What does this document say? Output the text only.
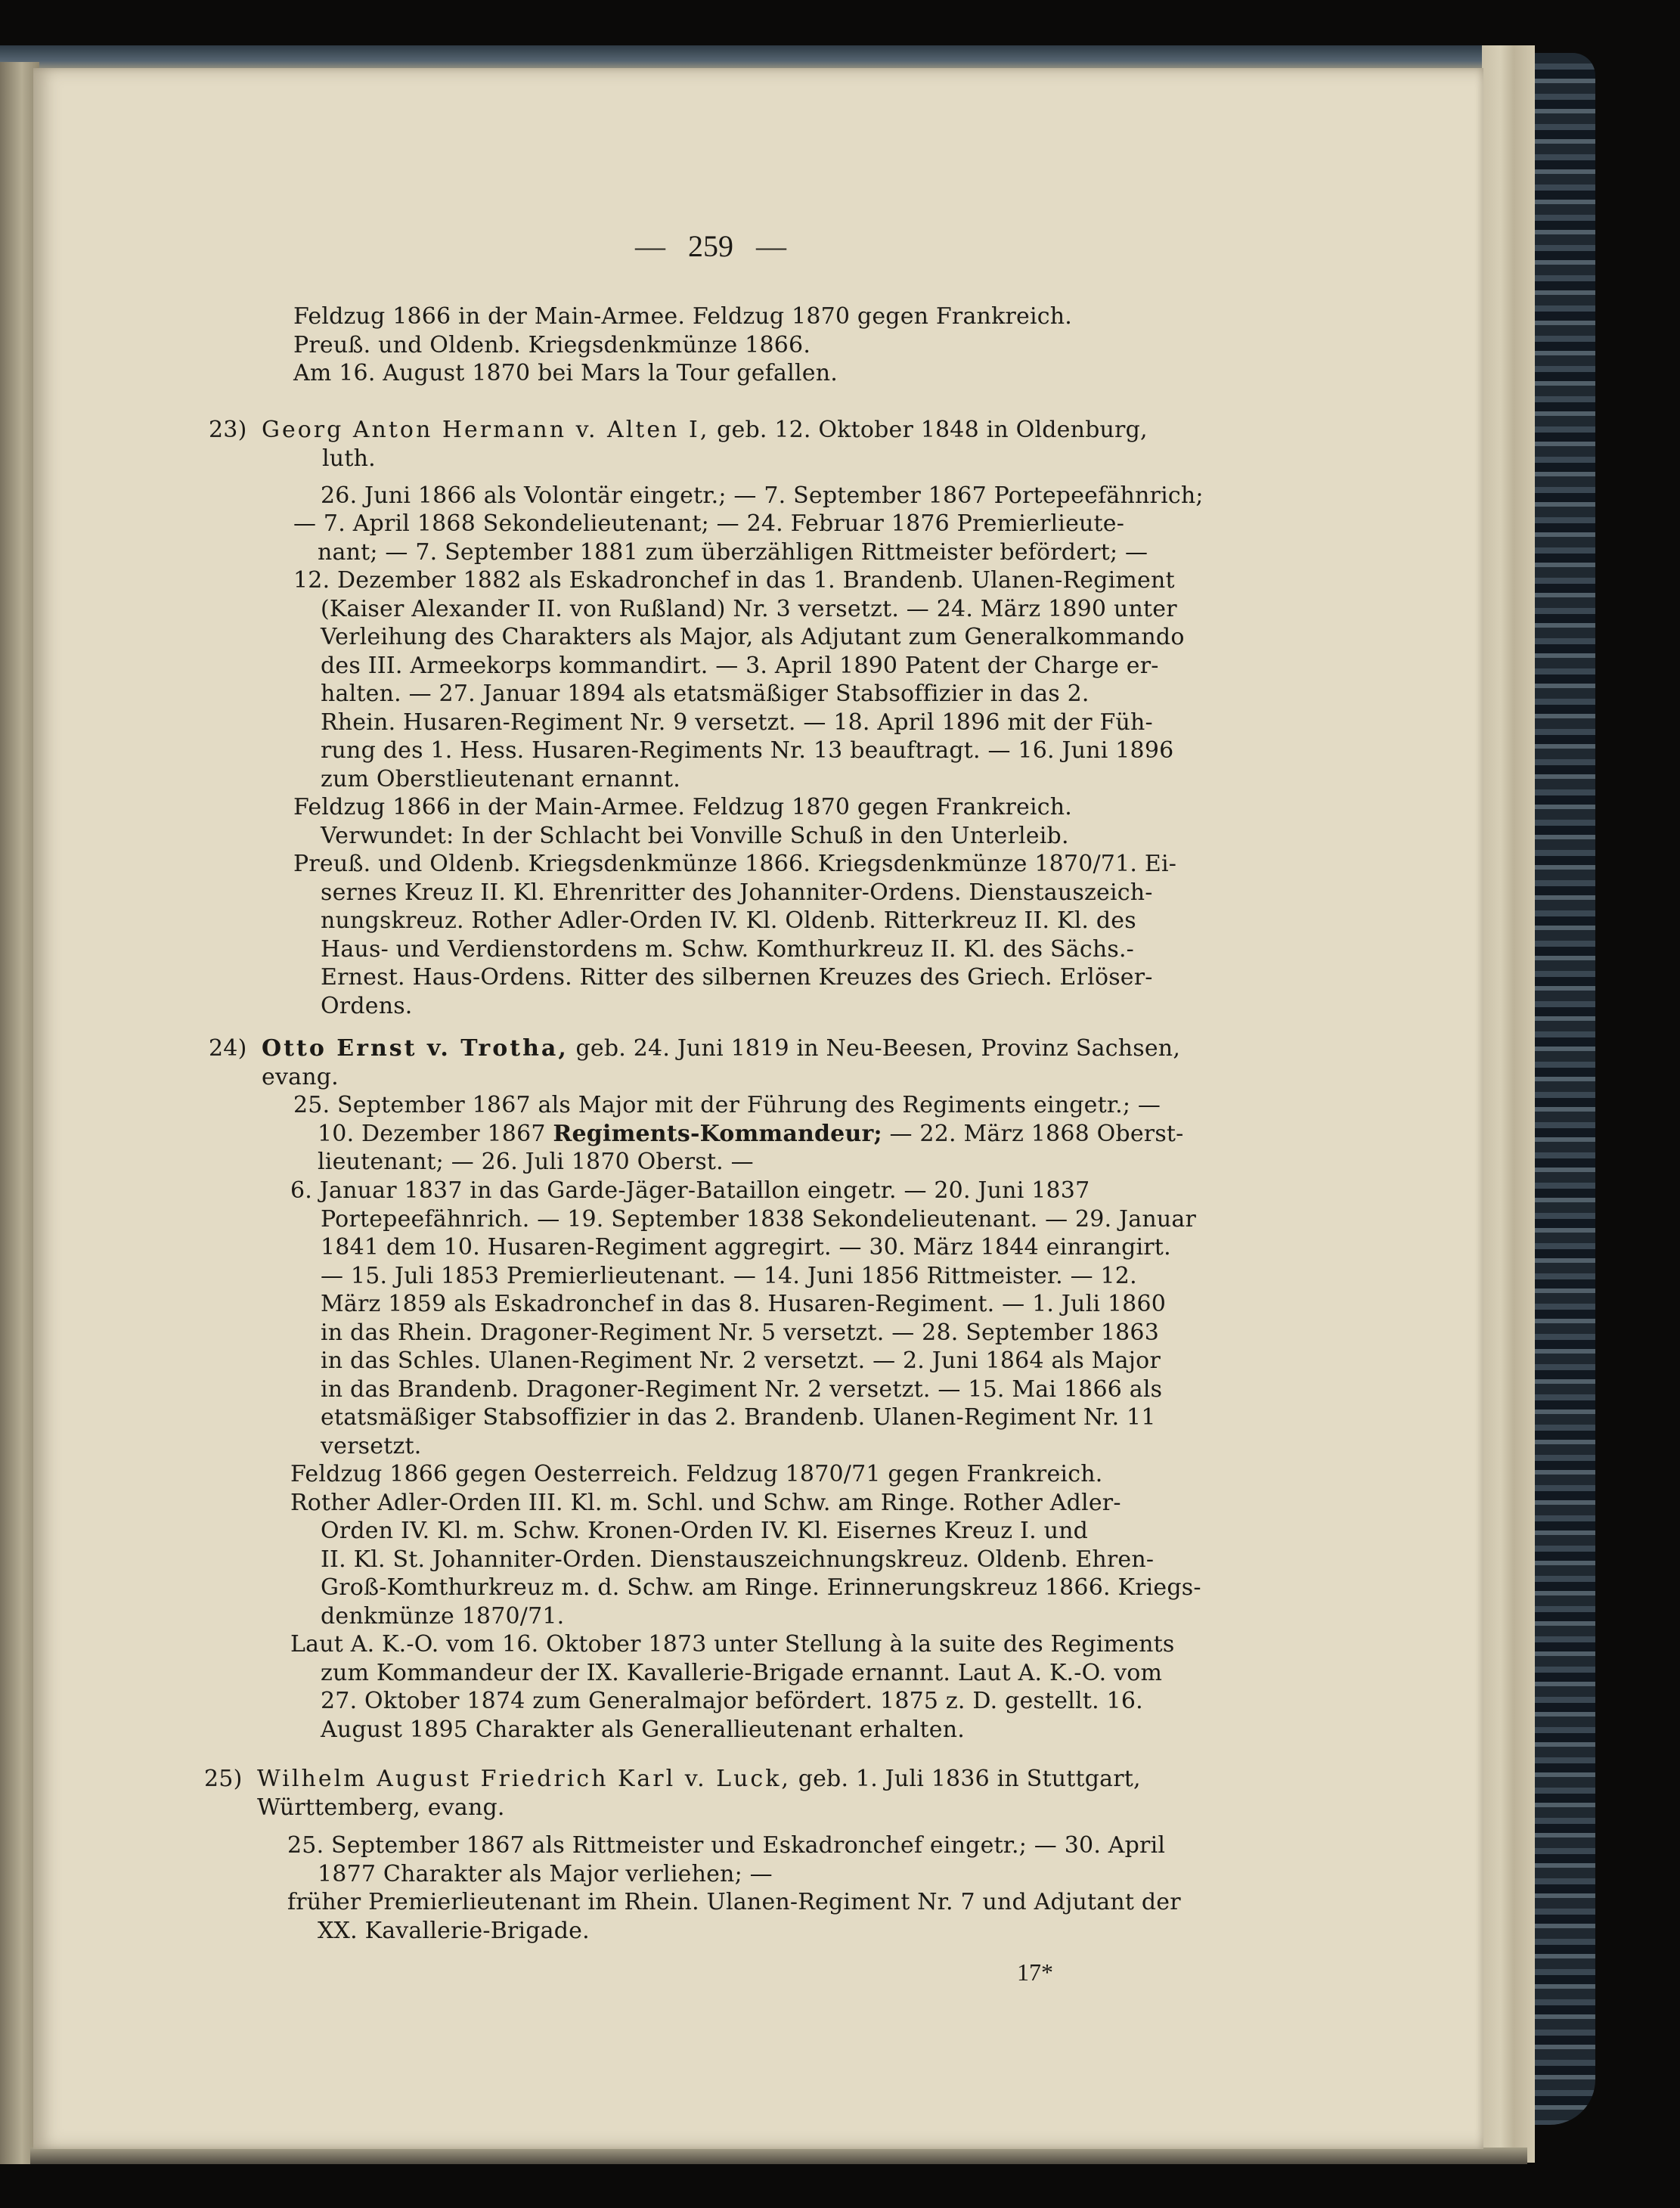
—   259   —
Feldzug 1866 in der Main-Armee. Feldzug 1870 gegen Frankreich.
Preuß. und Oldenb. Kriegsdenkmünze 1866.
Am 16. August 1870 bei Mars la Tour gefallen.
23) Georg Anton Hermann v. Alten I, geb. 12. Oktober 1848 in Oldenburg,
luth.
26. Juni 1866 als Volontär eingetr.; — 7. September 1867 Portepeefähnrich;
— 7. April 1868 Sekondelieutenant; — 24. Februar 1876 Premierlieute-
nant; — 7. September 1881 zum überzähligen Rittmeister befördert; —
12. Dezember 1882 als Eskadronchef in das 1. Brandenb. Ulanen-Regiment
(Kaiser Alexander II. von Rußland) Nr. 3 versetzt. — 24. März 1890 unter
Verleihung des Charakters als Major, als Adjutant zum Generalkommando
des III. Armeekorps kommandirt. — 3. April 1890 Patent der Charge er-
halten. — 27. Januar 1894 als etatsmäßiger Stabsoffizier in das 2.
Rhein. Husaren-Regiment Nr. 9 versetzt. — 18. April 1896 mit der Füh-
rung des 1. Hess. Husaren-Regiments Nr. 13 beauftragt. — 16. Juni 1896
zum Oberstlieutenant ernannt.
Feldzug 1866 in der Main-Armee. Feldzug 1870 gegen Frankreich.
Verwundet: In der Schlacht bei Vonville Schuß in den Unterleib.
Preuß. und Oldenb. Kriegsdenkmünze 1866. Kriegsdenkmünze 1870/71. Ei-
sernes Kreuz II. Kl. Ehrenritter des Johanniter-Ordens. Dienstauszeich-
nungskreuz. Rother Adler-Orden IV. Kl. Oldenb. Ritterkreuz II. Kl. des
Haus- und Verdienstordens m. Schw. Komthurkreuz II. Kl. des Sächs.-
Ernest. Haus-Ordens. Ritter des silbernen Kreuzes des Griech. Erlöser-
Ordens.
24) Otto Ernst v. Trotha, geb. 24. Juni 1819 in Neu-Beesen, Provinz Sachsen,
evang.
25. September 1867 als Major mit der Führung des Regiments eingetr.; —
10. Dezember 1867 Regiments-Kommandeur; — 22. März 1868 Oberst-
lieutenant; — 26. Juli 1870 Oberst. —
6. Januar 1837 in das Garde-Jäger-Bataillon eingetr. — 20. Juni 1837
Portepeefähnrich. — 19. September 1838 Sekondelieutenant. — 29. Januar
1841 dem 10. Husaren-Regiment aggregirt. — 30. März 1844 einrangirt.
— 15. Juli 1853 Premierlieutenant. — 14. Juni 1856 Rittmeister. — 12.
März 1859 als Eskadronchef in das 8. Husaren-Regiment. — 1. Juli 1860
in das Rhein. Dragoner-Regiment Nr. 5 versetzt. — 28. September 1863
in das Schles. Ulanen-Regiment Nr. 2 versetzt. — 2. Juni 1864 als Major
in das Brandenb. Dragoner-Regiment Nr. 2 versetzt. — 15. Mai 1866 als
etatsmäßiger Stabsoffizier in das 2. Brandenb. Ulanen-Regiment Nr. 11
versetzt.
Feldzug 1866 gegen Oesterreich. Feldzug 1870/71 gegen Frankreich.
Rother Adler-Orden III. Kl. m. Schl. und Schw. am Ringe. Rother Adler-
Orden IV. Kl. m. Schw. Kronen-Orden IV. Kl. Eisernes Kreuz I. und
II. Kl. St. Johanniter-Orden. Dienstauszeichnungskreuz. Oldenb. Ehren-
Groß-Komthurkreuz m. d. Schw. am Ringe. Erinnerungskreuz 1866. Kriegs-
denkmünze 1870/71.
Laut A. K.-O. vom 16. Oktober 1873 unter Stellung à la suite des Regiments
zum Kommandeur der IX. Kavallerie-Brigade ernannt. Laut A. K.-O. vom
27. Oktober 1874 zum Generalmajor befördert. 1875 z. D. gestellt. 16.
August 1895 Charakter als Generallieutenant erhalten.
25) Wilhelm August Friedrich Karl v. Luck, geb. 1. Juli 1836 in Stuttgart,
Württemberg, evang.
25. September 1867 als Rittmeister und Eskadronchef eingetr.; — 30. April
1877 Charakter als Major verliehen; —
früher Premierlieutenant im Rhein. Ulanen-Regiment Nr. 7 und Adjutant der
XX. Kavallerie-Brigade.
17*
